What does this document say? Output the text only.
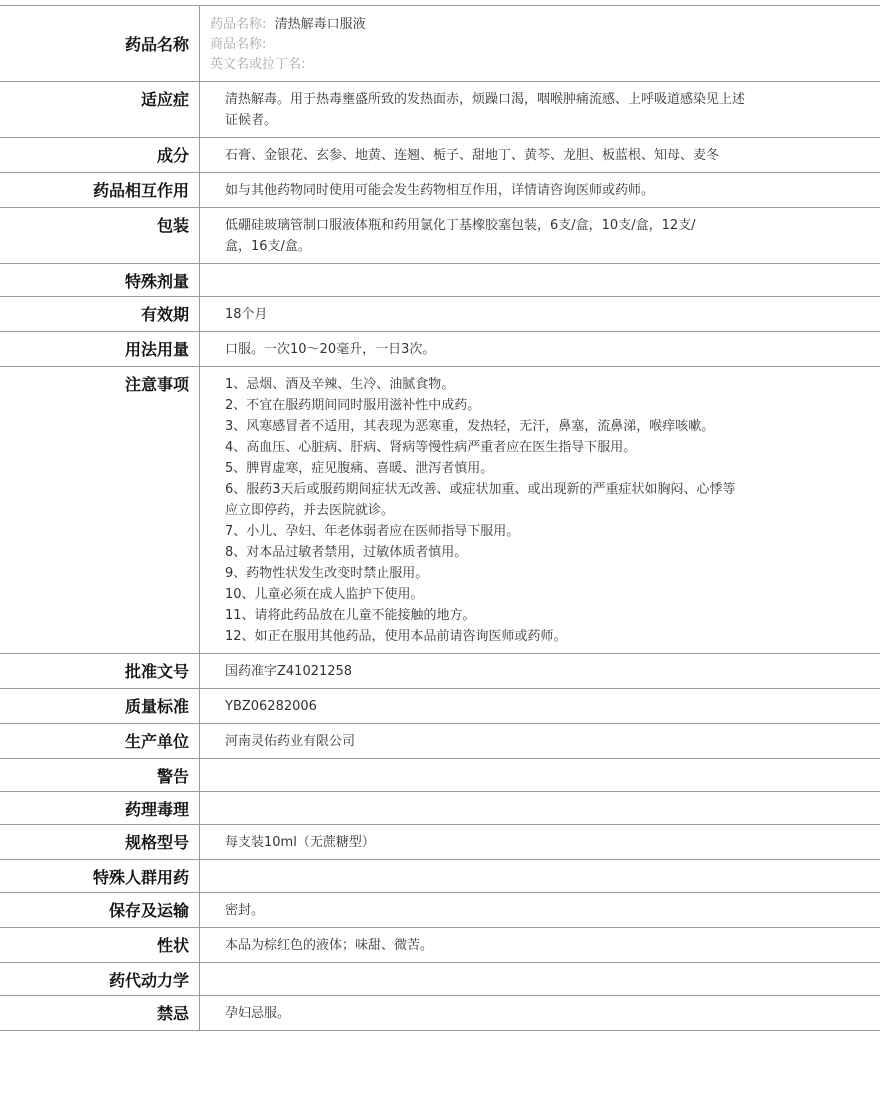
药品名称
药品名称: 清热解毒口服液
商品名称:
英文名或拉丁名:
适应症	清热解毒。用于热毒壅盛所致的发热面赤，烦躁口渴，咽喉肿痛流感、上呼吸道感染见上述
证候者。
成分	石膏、金银花、玄参、地黄、连翘、栀子、甜地丁、黄芩、龙胆、板蓝根、知母、麦冬
药品相互作用	如与其他药物同时使用可能会发生药物相互作用，详情请咨询医师或药师。
包装	低硼硅玻璃管制口服液体瓶和药用氯化丁基橡胶塞包装，6支/盒，10支/盒，12支/
盒，16支/盒。
特殊剂量
有效期	18个月
用法用量	口服。一次10～20毫升，一日3次。
注意事项	1、忌烟、酒及辛辣、生冷、油腻食物。
2、不宜在服药期间同时服用滋补性中成药。
3、风寒感冒者不适用，其表现为恶寒重，发热轻，无汗，鼻塞，流鼻涕，喉痒咳嗽。
4、高血压、心脏病、肝病、肾病等慢性病严重者应在医生指导下服用。
5、脾胃虚寒，症见腹痛、喜暖、泄泻者慎用。
6、服药3天后或服药期间症状无改善、或症状加重、或出现新的严重症状如胸闷、心悸等
应立即停药，并去医院就诊。
7、小儿、孕妇、年老体弱者应在医师指导下服用。
8、对本品过敏者禁用，过敏体质者慎用。
9、药物性状发生改变时禁止服用。
10、儿童必须在成人监护下使用。
11、请将此药品放在儿童不能接触的地方。
12、如正在服用其他药品，使用本品前请咨询医师或药师。
批准文号	国药准字Z41021258
质量标准	YBZ06282006
生产单位	河南灵佑药业有限公司
警告
药理毒理
规格型号	每支装10ml（无蔗糖型）
特殊人群用药
保存及运输	密封。
性状	本品为棕红色的液体；味甜、微苦。
药代动力学
禁忌	孕妇忌服。
